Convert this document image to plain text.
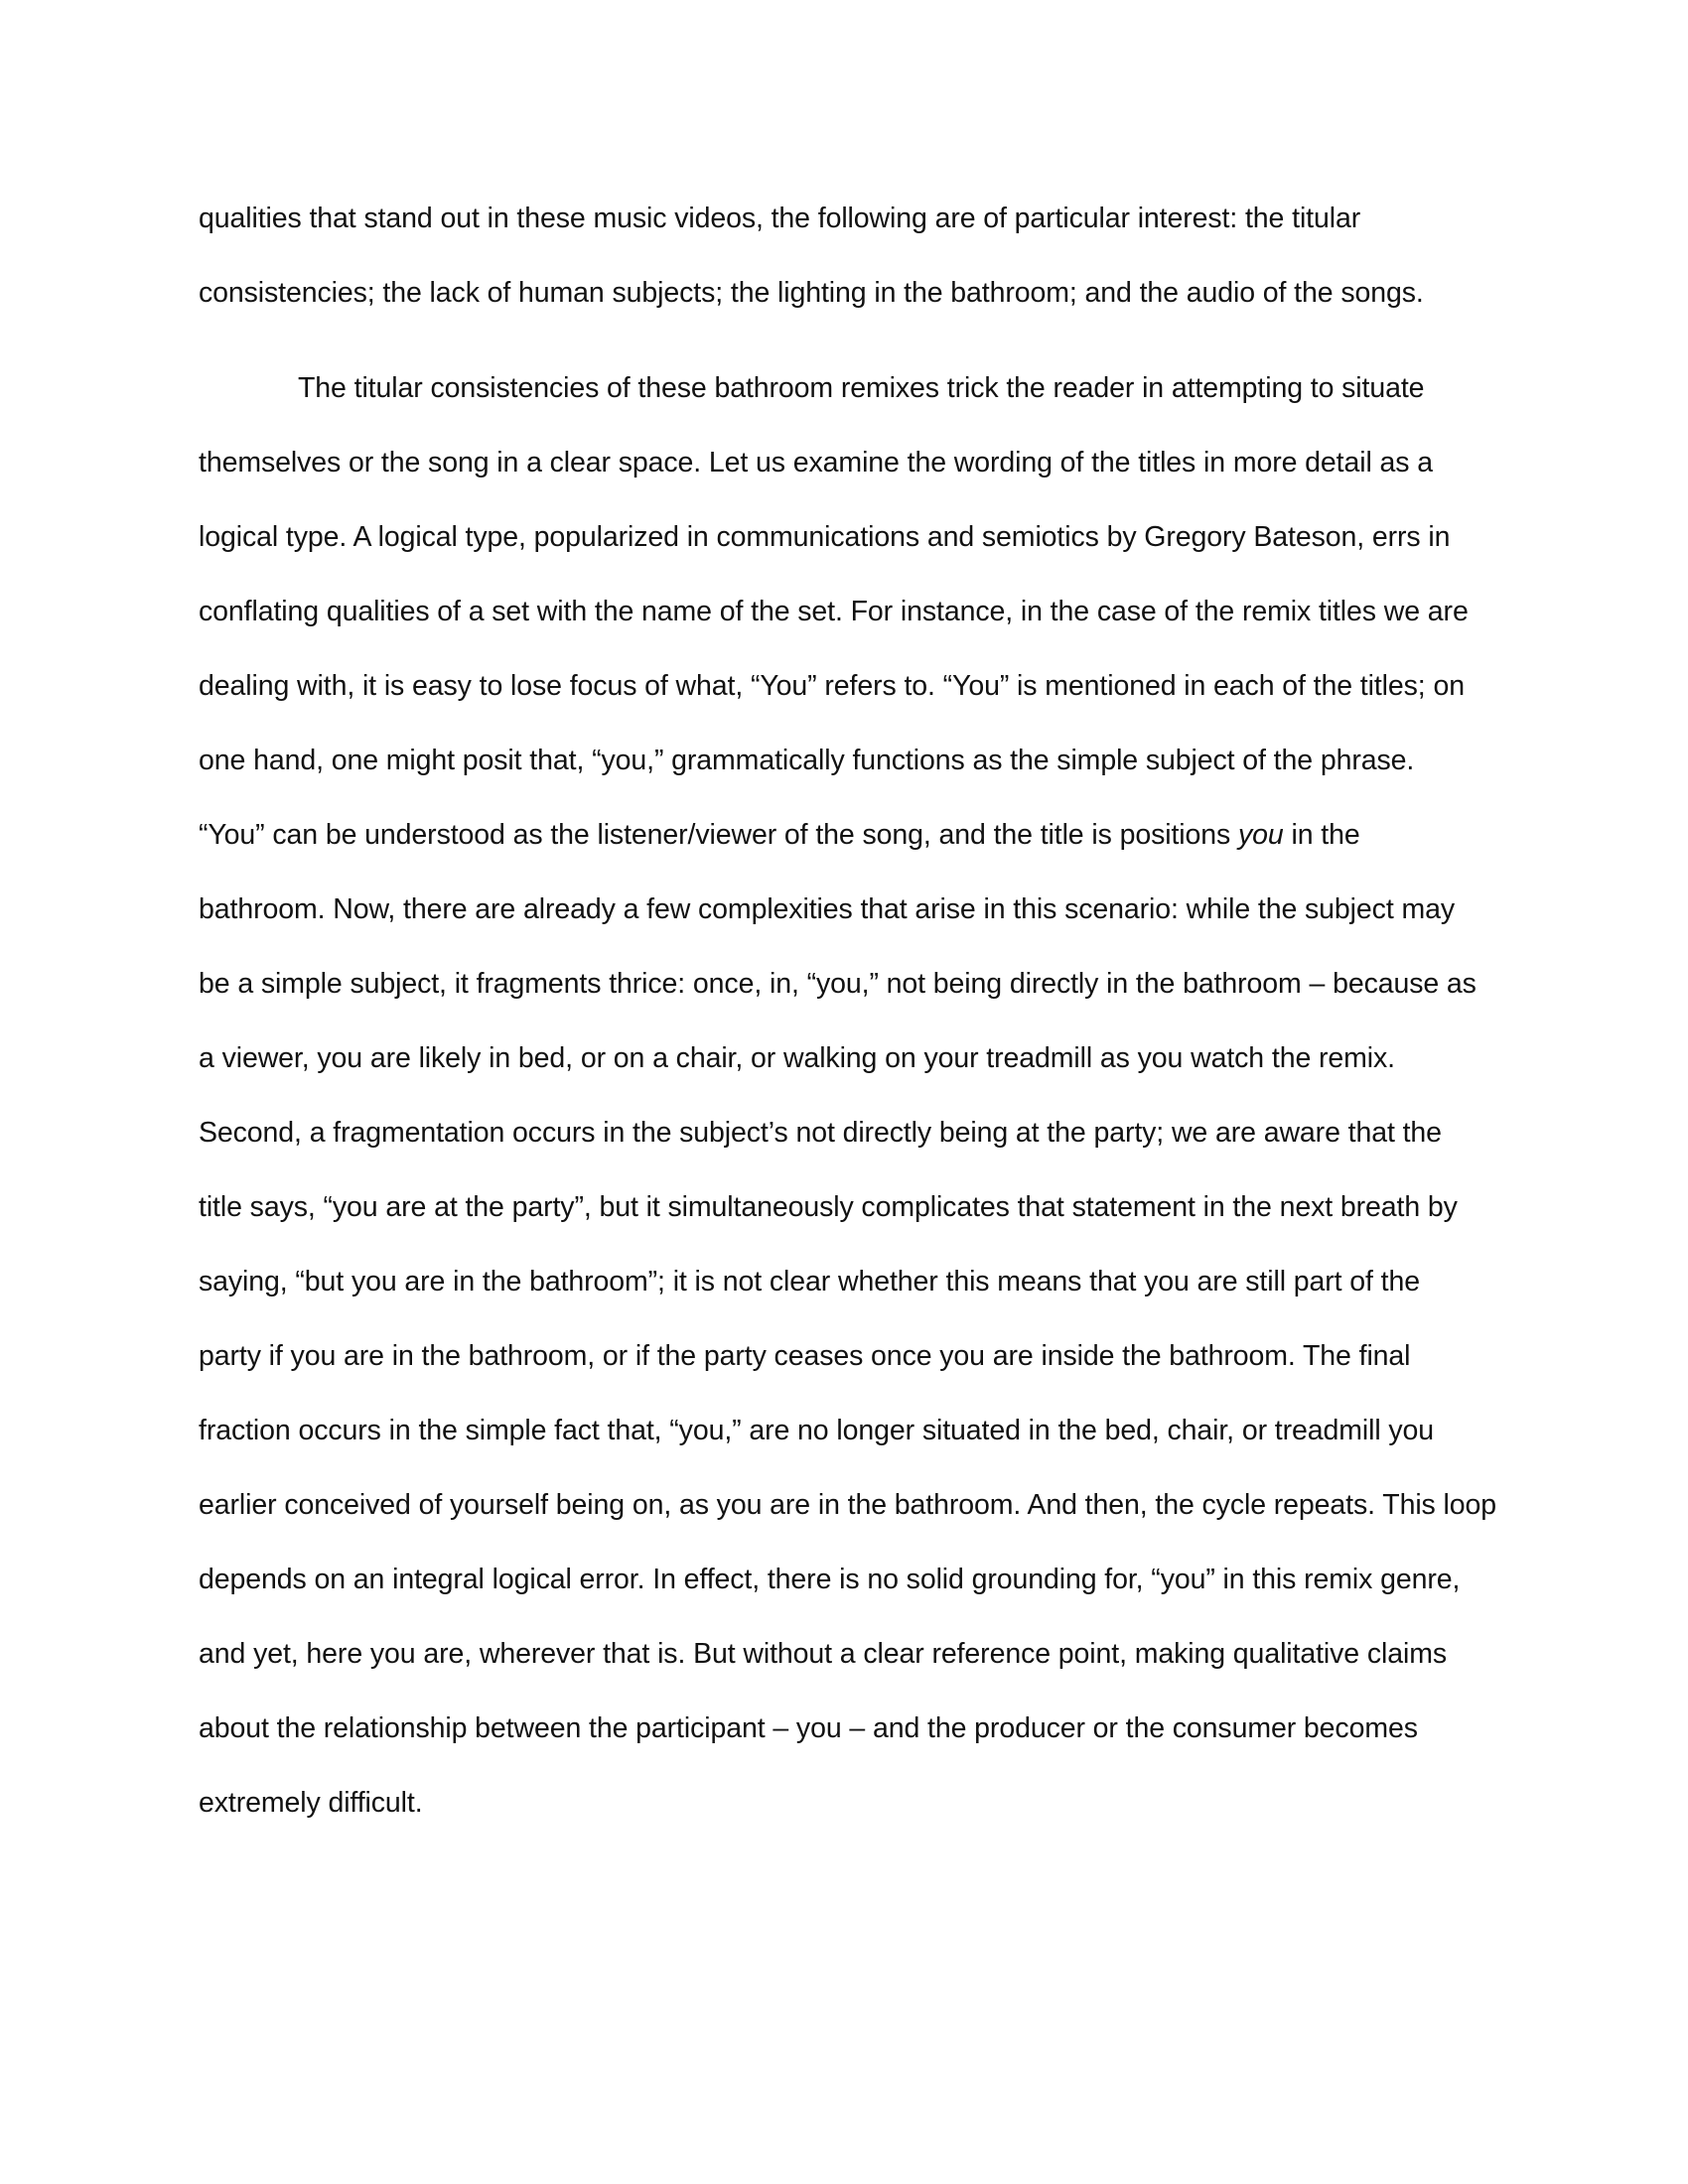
qualities that stand out in these music videos, the following are of particular interest: the titular
consistencies; the lack of human subjects; the lighting in the bathroom; and the audio of the songs.
The titular consistencies of these bathroom remixes trick the reader in attempting to situate
themselves or the song in a clear space. Let us examine the wording of the titles in more detail as a
logical type. A logical type, popularized in communications and semiotics by Gregory Bateson, errs in
conflating qualities of a set with the name of the set. For instance, in the case of the remix titles we are
dealing with, it is easy to lose focus of what, “You” refers to. “You” is mentioned in each of the titles; on
one hand, one might posit that, “you,” grammatically functions as the simple subject of the phrase.
“You” can be understood as the listener/viewer of the song, and the title is positions you in the
bathroom. Now, there are already a few complexities that arise in this scenario: while the subject may
be a simple subject, it fragments thrice: once, in, “you,” not being directly in the bathroom – because as
a viewer, you are likely in bed, or on a chair, or walking on your treadmill as you watch the remix.
Second, a fragmentation occurs in the subject’s not directly being at the party; we are aware that the
title says, “you are at the party”, but it simultaneously complicates that statement in the next breath by
saying, “but you are in the bathroom”; it is not clear whether this means that you are still part of the
party if you are in the bathroom, or if the party ceases once you are inside the bathroom. The final
fraction occurs in the simple fact that, “you,” are no longer situated in the bed, chair, or treadmill you
earlier conceived of yourself being on, as you are in the bathroom. And then, the cycle repeats. This loop
depends on an integral logical error. In effect, there is no solid grounding for, “you” in this remix genre,
and yet, here you are, wherever that is. But without a clear reference point, making qualitative claims
about the relationship between the participant – you – and the producer or the consumer becomes
extremely difficult.
